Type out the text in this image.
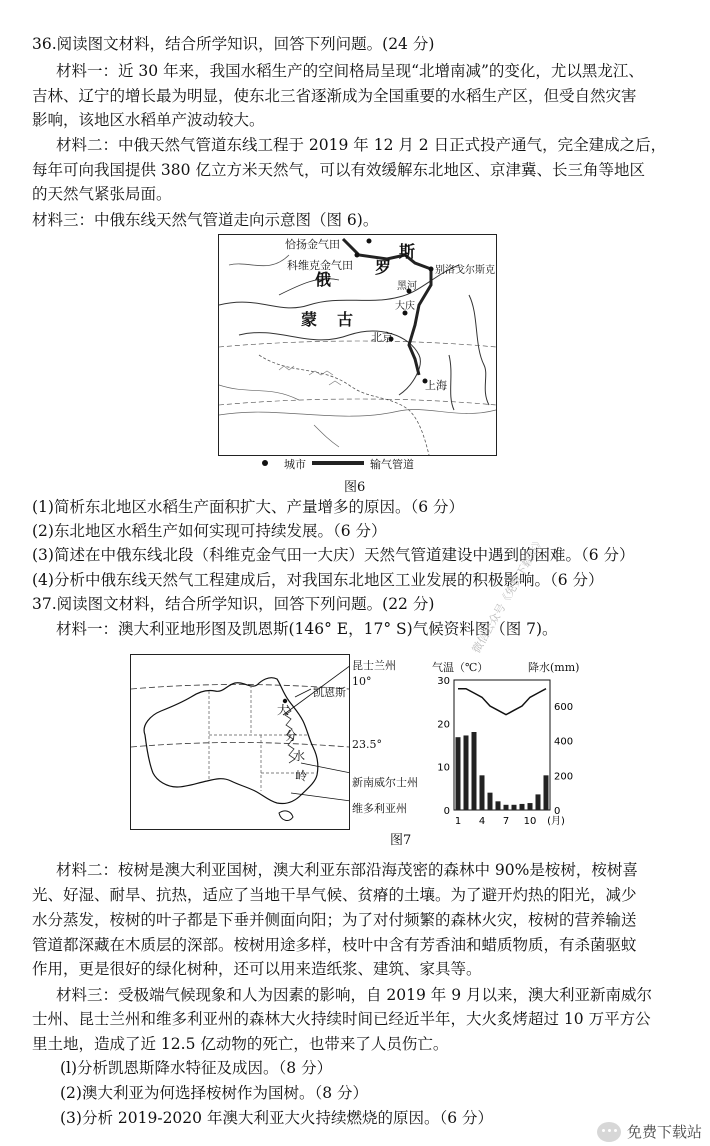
36.阅读图文材料，结合所学知识，回答下列问题。(24 分)
材料一：近 30 年来，我国水稻生产的空间格局呈现“北增南减”的变化，尤以黑龙江、
吉林、辽宁的增长最为明显，使东北三省逐渐成为全国重要的水稻生产区，但受自然灾害
影响，该地区水稻单产波动较大。
材料二：中俄天然气管道东线工程于 2019 年 12 月 2 日正式投产通气，完全建成之后，
每年可向我国提供 380 亿立方米天然气，可以有效缓解东北地区、京津冀、长三角等地区
的天然气紧张局面。
材料三：中俄东线天然气管道走向示意图（图 6)。
恰扬金气田
科维克金气田
斯
俄
罗	别洛戈尔斯克
黑河
大庆
蒙 古
北京
上海
城市	输气管道
图6
(1)简析东北地区水稻生产面积扩大、产量增多的原因。（6 分）
(2)东北地区水稻生产如何实现可持续发展。（6 分）
(3)简述在中俄东线北段（科维克金气田一大庆）天然气管道建设中遇到的困难。（6 分）
(4)分析中俄东线天然气工程建成后，对我国东北地区工业发展的积极影响。（6 分）
37.阅读图文材料，结合所学知识，回答下列问题。(22 分)
材料一：澳大利亚地形图及凯恩斯(146° E，17° S)气候资料图（图 7)。
凯恩斯
大
分
水
岭
昆士兰州
10°
23.5°
新南威尔士州
维多利亚州
气温（℃）	降水(mm)
30
20
10
0
600
400
200
0
1 4 7 10 (月)
图7
微信公众号《免费下载站》
材料二：桉树是澳大利亚国树，澳大利亚东部沿海茂密的森林中 90%是桉树，桉树喜
光、好湿、耐旱、抗热，适应了当地干旱气候、贫瘠的土壤。为了避开灼热的阳光，减少
水分蒸发，桉树的叶子都是下垂并侧面向阳；为了对付频繁的森林火灾，桉树的营养输送
管道都深藏在木质层的深部。桉树用途多样，枝叶中含有芳香油和蜡质物质，有杀菌驱蚊
作用，更是很好的绿化树种，还可以用来造纸浆、建筑、家具等。
材料三：受极端气候现象和人为因素的影响，自 2019 年 9 月以来，澳大利亚新南威尔
士州、昆士兰州和维多利亚州的森林大火持续时间已经近半年，大火炙烤超过 10 万平方公
里土地，造成了近 12.5 亿动物的死亡，也带来了人员伤亡。
(l)分析凯恩斯降水特征及成因。（8 分）
(2)澳大利亚为何选择桉树作为国树。（8 分）
(3)分析 2019-2020 年澳大利亚大火持续燃烧的原因。（6 分）
免费下载站
